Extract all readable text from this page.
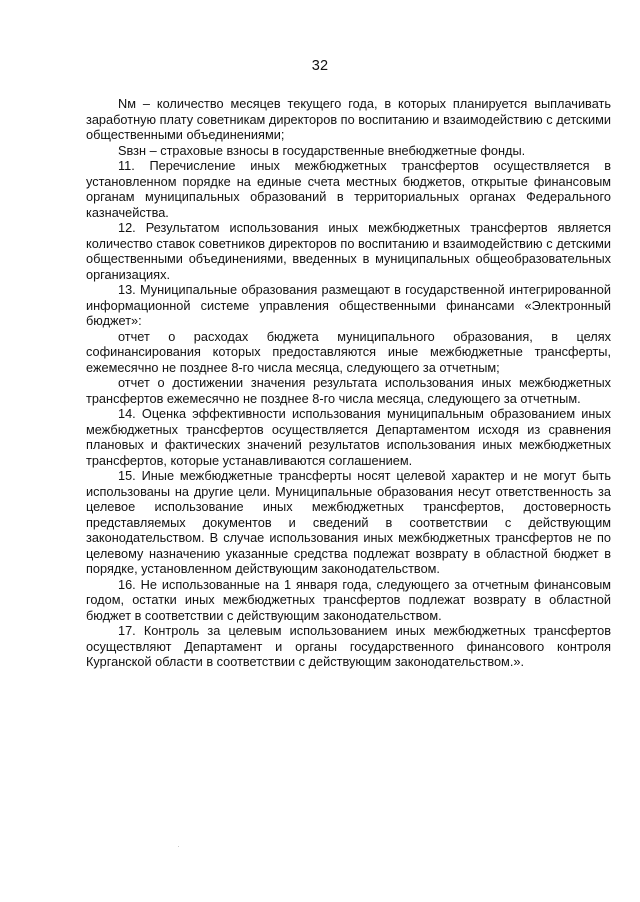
32

Nм – количество месяцев текущего года, в которых планируется выплачивать заработную плату советникам директоров по воспитанию и взаимодействию с детскими общественными объединениями;

Sвзн – страховые взносы в государственные внебюджетные фонды.

11. Перечисление иных межбюджетных трансфертов осуществляется в установленном порядке на единые счета местных бюджетов, открытые финансовым органам муниципальных образований в территориальных органах Федерального казначейства.

12. Результатом использования иных межбюджетных трансфертов является количество ставок советников директоров по воспитанию и взаимодействию с детскими общественными объединениями, введенных в муниципальных общеобразовательных организациях.

13. Муниципальные образования размещают в государственной интегрированной информационной системе управления общественными финансами «Электронный бюджет»:

отчет о расходах бюджета муниципального образования, в целях софинансирования которых предоставляются иные межбюджетные трансферты, ежемесячно не позднее 8-го числа месяца, следующего за отчетным;

отчет о достижении значения результата использования иных межбюджетных трансфертов ежемесячно не позднее 8-го числа месяца, следующего за отчетным.

14. Оценка эффективности использования муниципальным образованием иных межбюджетных трансфертов осуществляется Департаментом исходя из сравнения плановых и фактических значений результатов использования иных межбюджетных трансфертов, которые устанавливаются соглашением.

15. Иные межбюджетные трансферты носят целевой характер и не могут быть использованы на другие цели. Муниципальные образования несут ответственность за целевое использование иных межбюджетных трансфертов, достоверность представляемых документов и сведений в соответствии с действующим законодательством. В случае использования иных межбюджетных трансфертов не по целевому назначению указанные средства подлежат возврату в областной бюджет в порядке, установленном действующим законодательством.

16. Не использованные на 1 января года, следующего за отчетным финансовым годом, остатки иных межбюджетных трансфертов подлежат возврату в областной бюджет в соответствии с действующим законодательством.

17. Контроль за целевым использованием иных межбюджетных трансфертов осуществляют Департамент и органы государственного финансового контроля Курганской области в соответствии с действующим законодательством.».
